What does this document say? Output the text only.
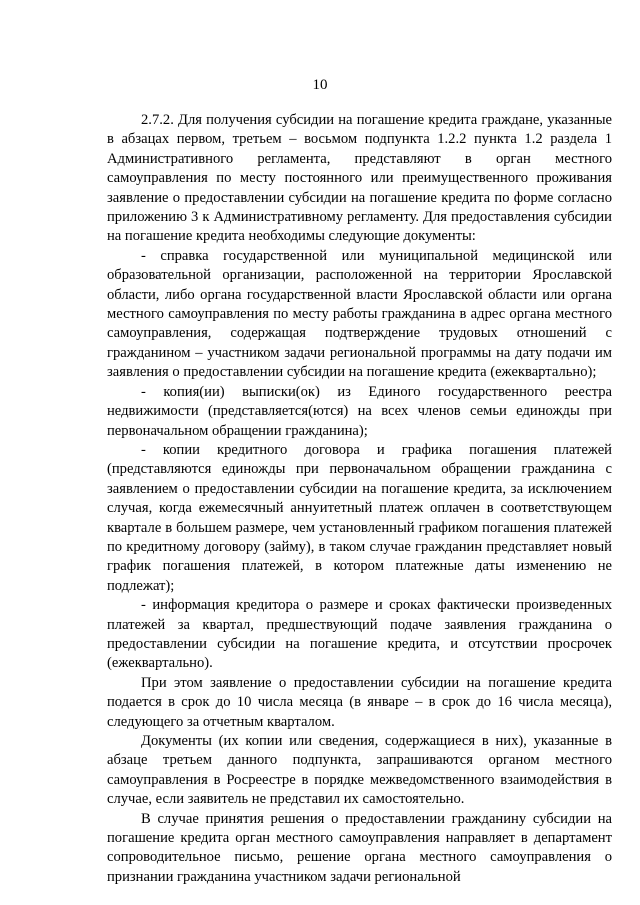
10

2.7.2. Для получения субсидии на погашение кредита граждане, указанные в абзацах первом, третьем – восьмом подпункта 1.2.2 пункта 1.2 раздела 1 Административного регламента, представляют в орган местного самоуправления по месту постоянного или преимущественного проживания заявление о предоставлении субсидии на погашение кредита по форме согласно приложению 3 к Административному регламенту. Для предоставления субсидии на погашение кредита необходимы следующие документы:

- справка государственной или муниципальной медицинской или образовательной организации, расположенной на территории Ярославской области, либо органа государственной власти Ярославской области или органа местного самоуправления по месту работы гражданина в адрес органа местного самоуправления, содержащая подтверждение трудовых отношений с гражданином – участником задачи региональной программы на дату подачи им заявления о предоставлении субсидии на погашение кредита (ежеквартально);

- копия(ии) выписки(ок) из Единого государственного реестра недвижимости (представляется(ются) на всех членов семьи единожды при первоначальном обращении гражданина);

- копии кредитного договора и графика погашения платежей (представляются единожды при первоначальном обращении гражданина с заявлением о предоставлении субсидии на погашение кредита, за исключением случая, когда ежемесячный аннуитетный платеж оплачен в соответствующем квартале в большем размере, чем установленный графиком погашения платежей по кредитному договору (займу), в таком случае гражданин представляет новый график погашения платежей, в котором платежные даты изменению не подлежат);

- информация кредитора о размере и сроках фактически произведенных платежей за квартал, предшествующий подаче заявления гражданина о предоставлении субсидии на погашение кредита, и отсутствии просрочек (ежеквартально).

При этом заявление о предоставлении субсидии на погашение кредита подается в срок до 10 числа месяца (в январе – в срок до 16 числа месяца), следующего за отчетным кварталом.

Документы (их копии или сведения, содержащиеся в них), указанные в абзаце третьем данного подпункта, запрашиваются органом местного самоуправления в Росреестре в порядке межведомственного взаимодействия в случае, если заявитель не представил их самостоятельно.

В случае принятия решения о предоставлении гражданину субсидии на погашение кредита орган местного самоуправления направляет в департамент сопроводительное письмо, решение органа местного самоуправления о признании гражданина участником задачи региональной
